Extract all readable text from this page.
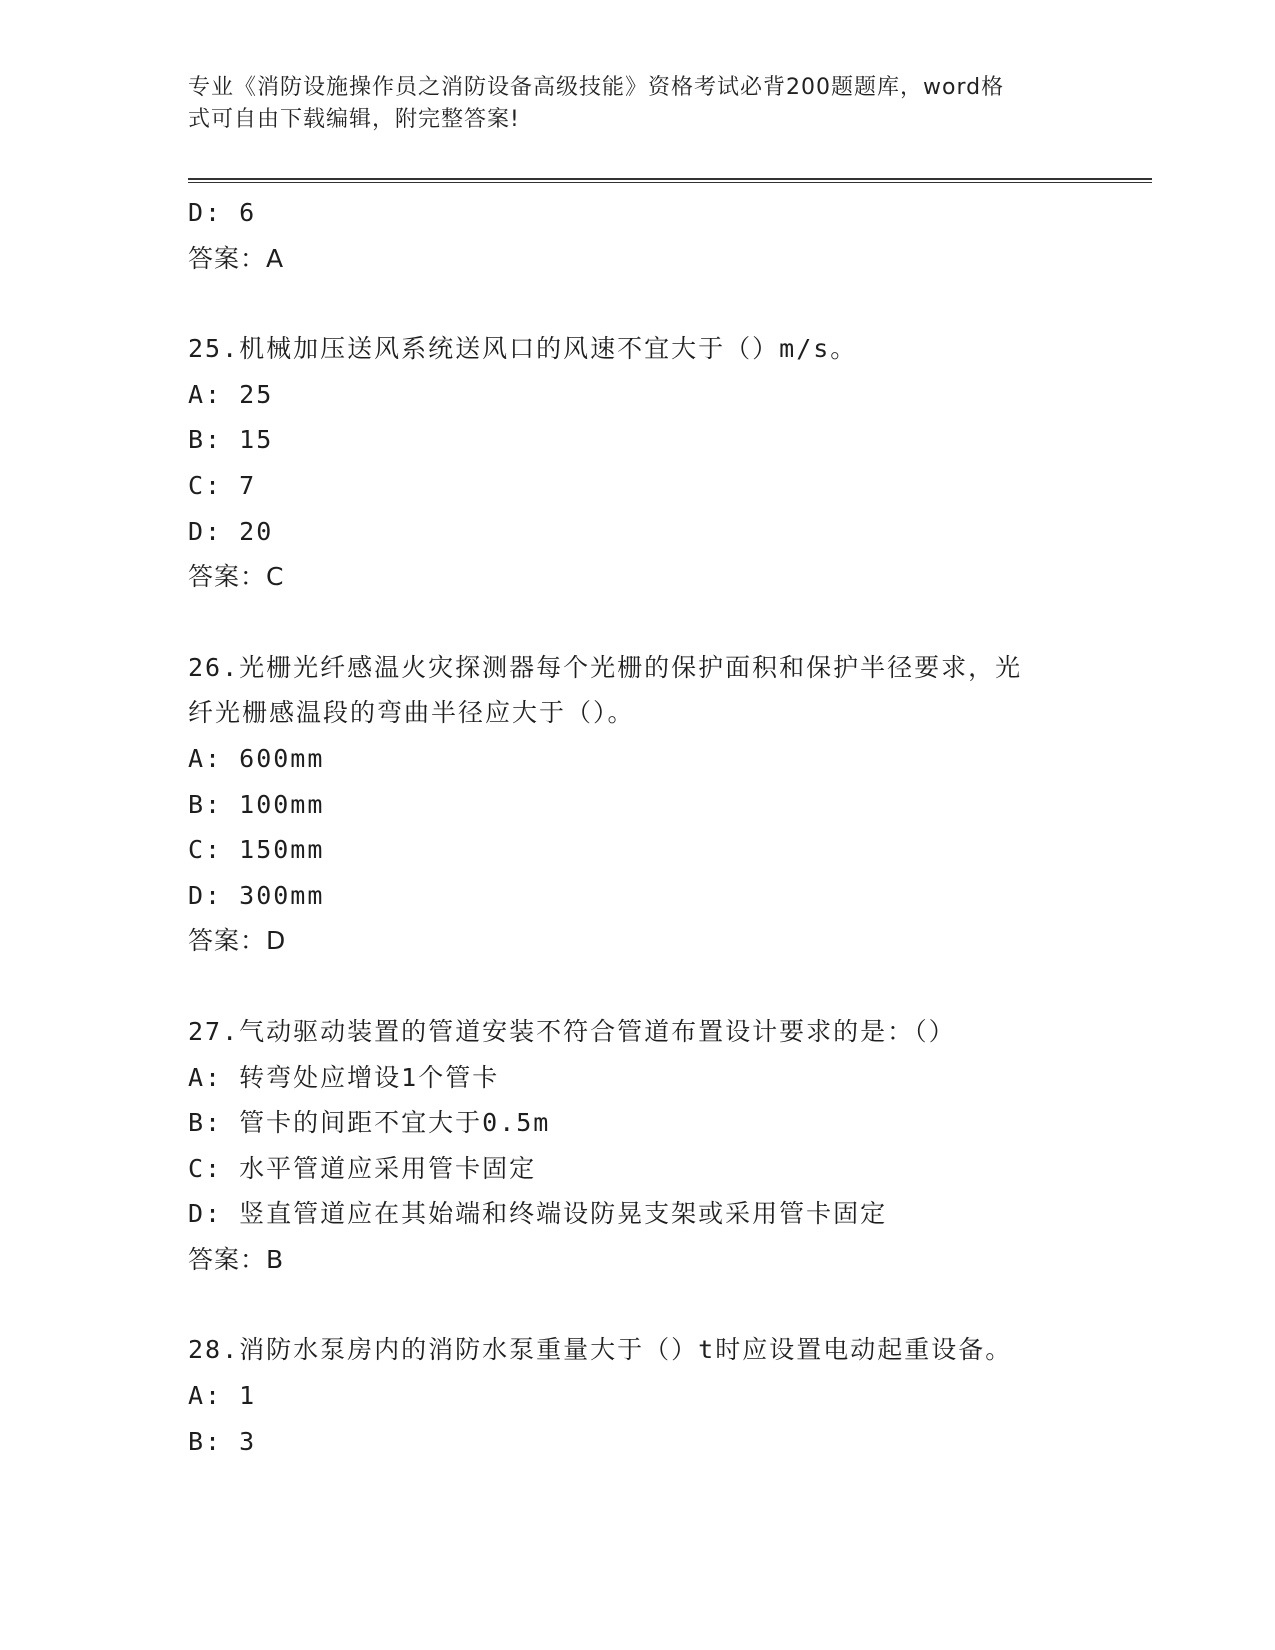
专业《消防设施操作员之消防设备高级技能》资格考试必背200题题库，word格
式可自由下载编辑，附完整答案!
D: 6
答案：A
25.机械加压送风系统送风口的风速不宜大于（）m/s。
A: 25
B: 15
C: 7
D: 20
答案：C
26.光栅光纤感温火灾探测器每个光栅的保护面积和保护半径要求，光
纤光栅感温段的弯曲半径应大于（）。
A: 600mm
B: 100mm
C: 150mm
D: 300mm
答案：D
27.气动驱动装置的管道安装不符合管道布置设计要求的是：（）
A: 转弯处应增设1个管卡
B: 管卡的间距不宜大于0.5m
C: 水平管道应采用管卡固定
D: 竖直管道应在其始端和终端设防晃支架或采用管卡固定
答案：B
28.消防水泵房内的消防水泵重量大于（）t时应设置电动起重设备。
A: 1
B: 3
